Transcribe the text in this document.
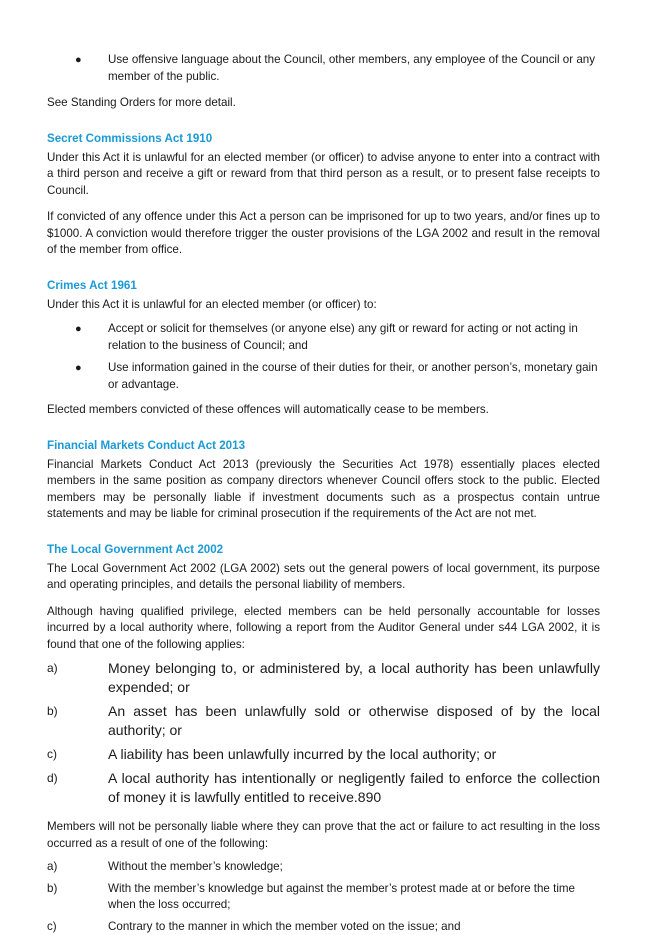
● Use offensive language about the Council, other members, any employee of the Council or any member of the public.

See Standing Orders for more detail.

Secret Commissions Act 1910

Under this Act it is unlawful for an elected member (or officer) to advise anyone to enter into a contract with a third person and receive a gift or reward from that third person as a result, or to present false receipts to Council.

If convicted of any offence under this Act a person can be imprisoned for up to two years, and/or fines up to $1000. A conviction would therefore trigger the ouster provisions of the LGA 2002 and result in the removal of the member from office.

Crimes Act 1961

Under this Act it is unlawful for an elected member (or officer) to:

● Accept or solicit for themselves (or anyone else) any gift or reward for acting or not acting in relation to the business of Council; and
● Use information gained in the course of their duties for their, or another person’s, monetary gain or advantage.

Elected members convicted of these offences will automatically cease to be members.

Financial Markets Conduct Act 2013

Financial Markets Conduct Act 2013 (previously the Securities Act 1978) essentially places elected members in the same position as company directors whenever Council offers stock to the public. Elected members may be personally liable if investment documents such as a prospectus contain untrue statements and may be liable for criminal prosecution if the requirements of the Act are not met.

The Local Government Act 2002

The Local Government Act 2002 (LGA 2002) sets out the general powers of local government, its purpose and operating principles, and details the personal liability of members.

Although having qualified privilege, elected members can be held personally accountable for losses incurred by a local authority where, following a report from the Auditor General under s44 LGA 2002, it is found that one of the following applies:

a)	Money belonging to, or administered by, a local authority has been unlawfully expended; or
b)	An asset has been unlawfully sold or otherwise disposed of by the local authority; or
c)	A liability has been unlawfully incurred by the local authority; or
d)	A local authority has intentionally or negligently failed to enforce the collection of money it is lawfully entitled to receive.890

Members will not be personally liable where they can prove that the act or failure to act resulting in the loss occurred as a result of one of the following:

a)	Without the member’s knowledge;
b)	With the member’s knowledge but against the member’s protest made at or before the time when the loss occurred;
c)	Contrary to the manner in which the member voted on the issue; and
